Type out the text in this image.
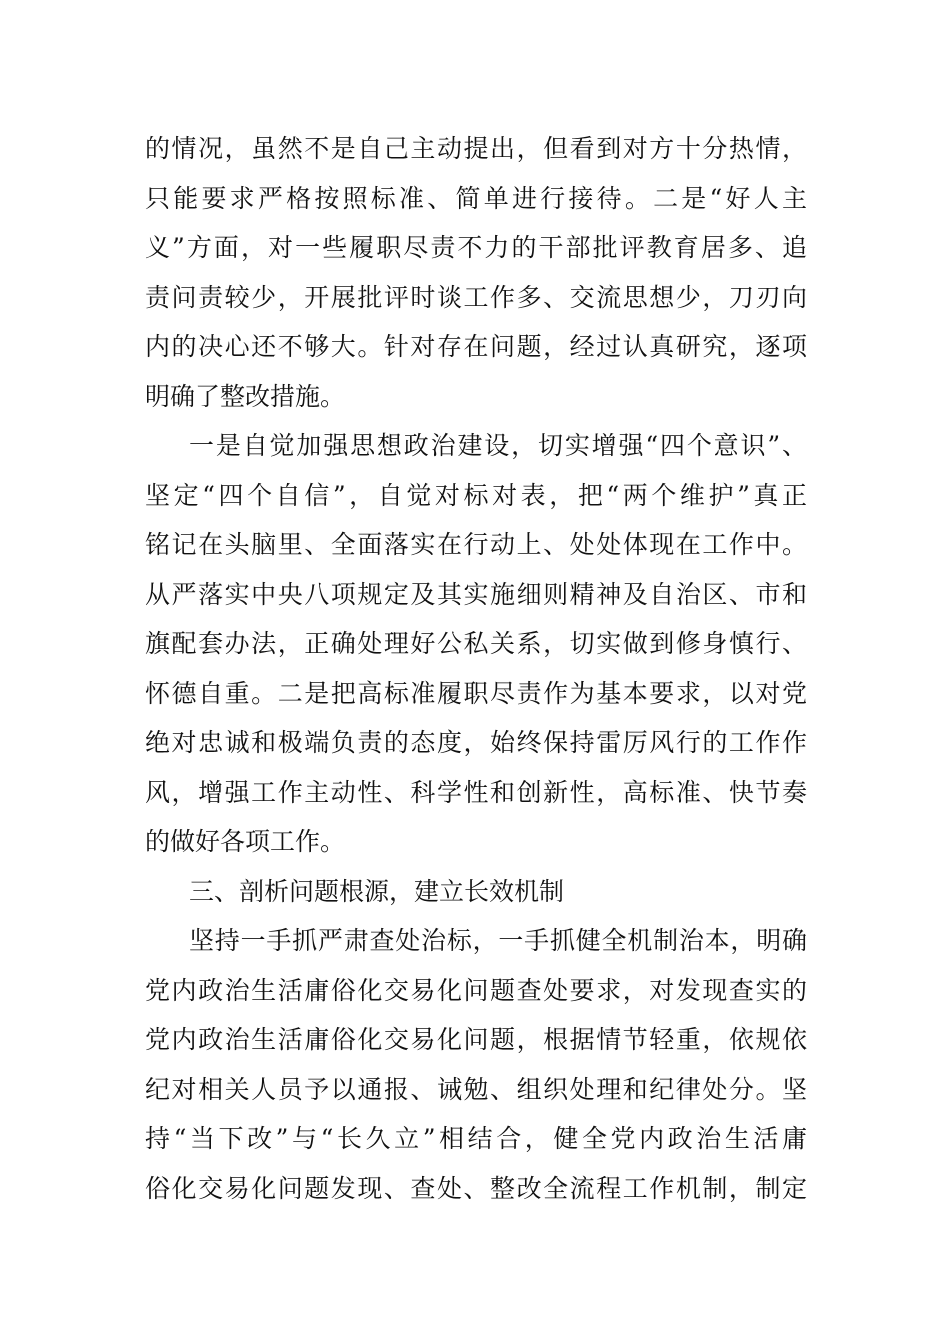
的情况，虽然不是自己主动提出，但看到对方十分热情，
只能要求严格按照标准、简单进行接待。二是“好人主
义”方面，对一些履职尽责不力的干部批评教育居多、追
责问责较少，开展批评时谈工作多、交流思想少，刀刃向
内的决心还不够大。针对存在问题，经过认真研究，逐项
明确了整改措施。
一是自觉加强思想政治建设，切实增强“四个意识”、
坚定“四个自信”，自觉对标对表，把“两个维护”真正
铭记在头脑里、全面落实在行动上、处处体现在工作中。
从严落实中央八项规定及其实施细则精神及自治区、市和
旗配套办法，正确处理好公私关系，切实做到修身慎行、
怀德自重。二是把高标准履职尽责作为基本要求，以对党
绝对忠诚和极端负责的态度，始终保持雷厉风行的工作作
风，增强工作主动性、科学性和创新性，高标准、快节奏
的做好各项工作。
三、剖析问题根源，建立长效机制
坚持一手抓严肃查处治标，一手抓健全机制治本，明确
党内政治生活庸俗化交易化问题查处要求，对发现查实的
党内政治生活庸俗化交易化问题，根据情节轻重，依规依
纪对相关人员予以通报、诫勉、组织处理和纪律处分。坚
持“当下改”与“长久立”相结合，健全党内政治生活庸
俗化交易化问题发现、查处、整改全流程工作机制，制定
